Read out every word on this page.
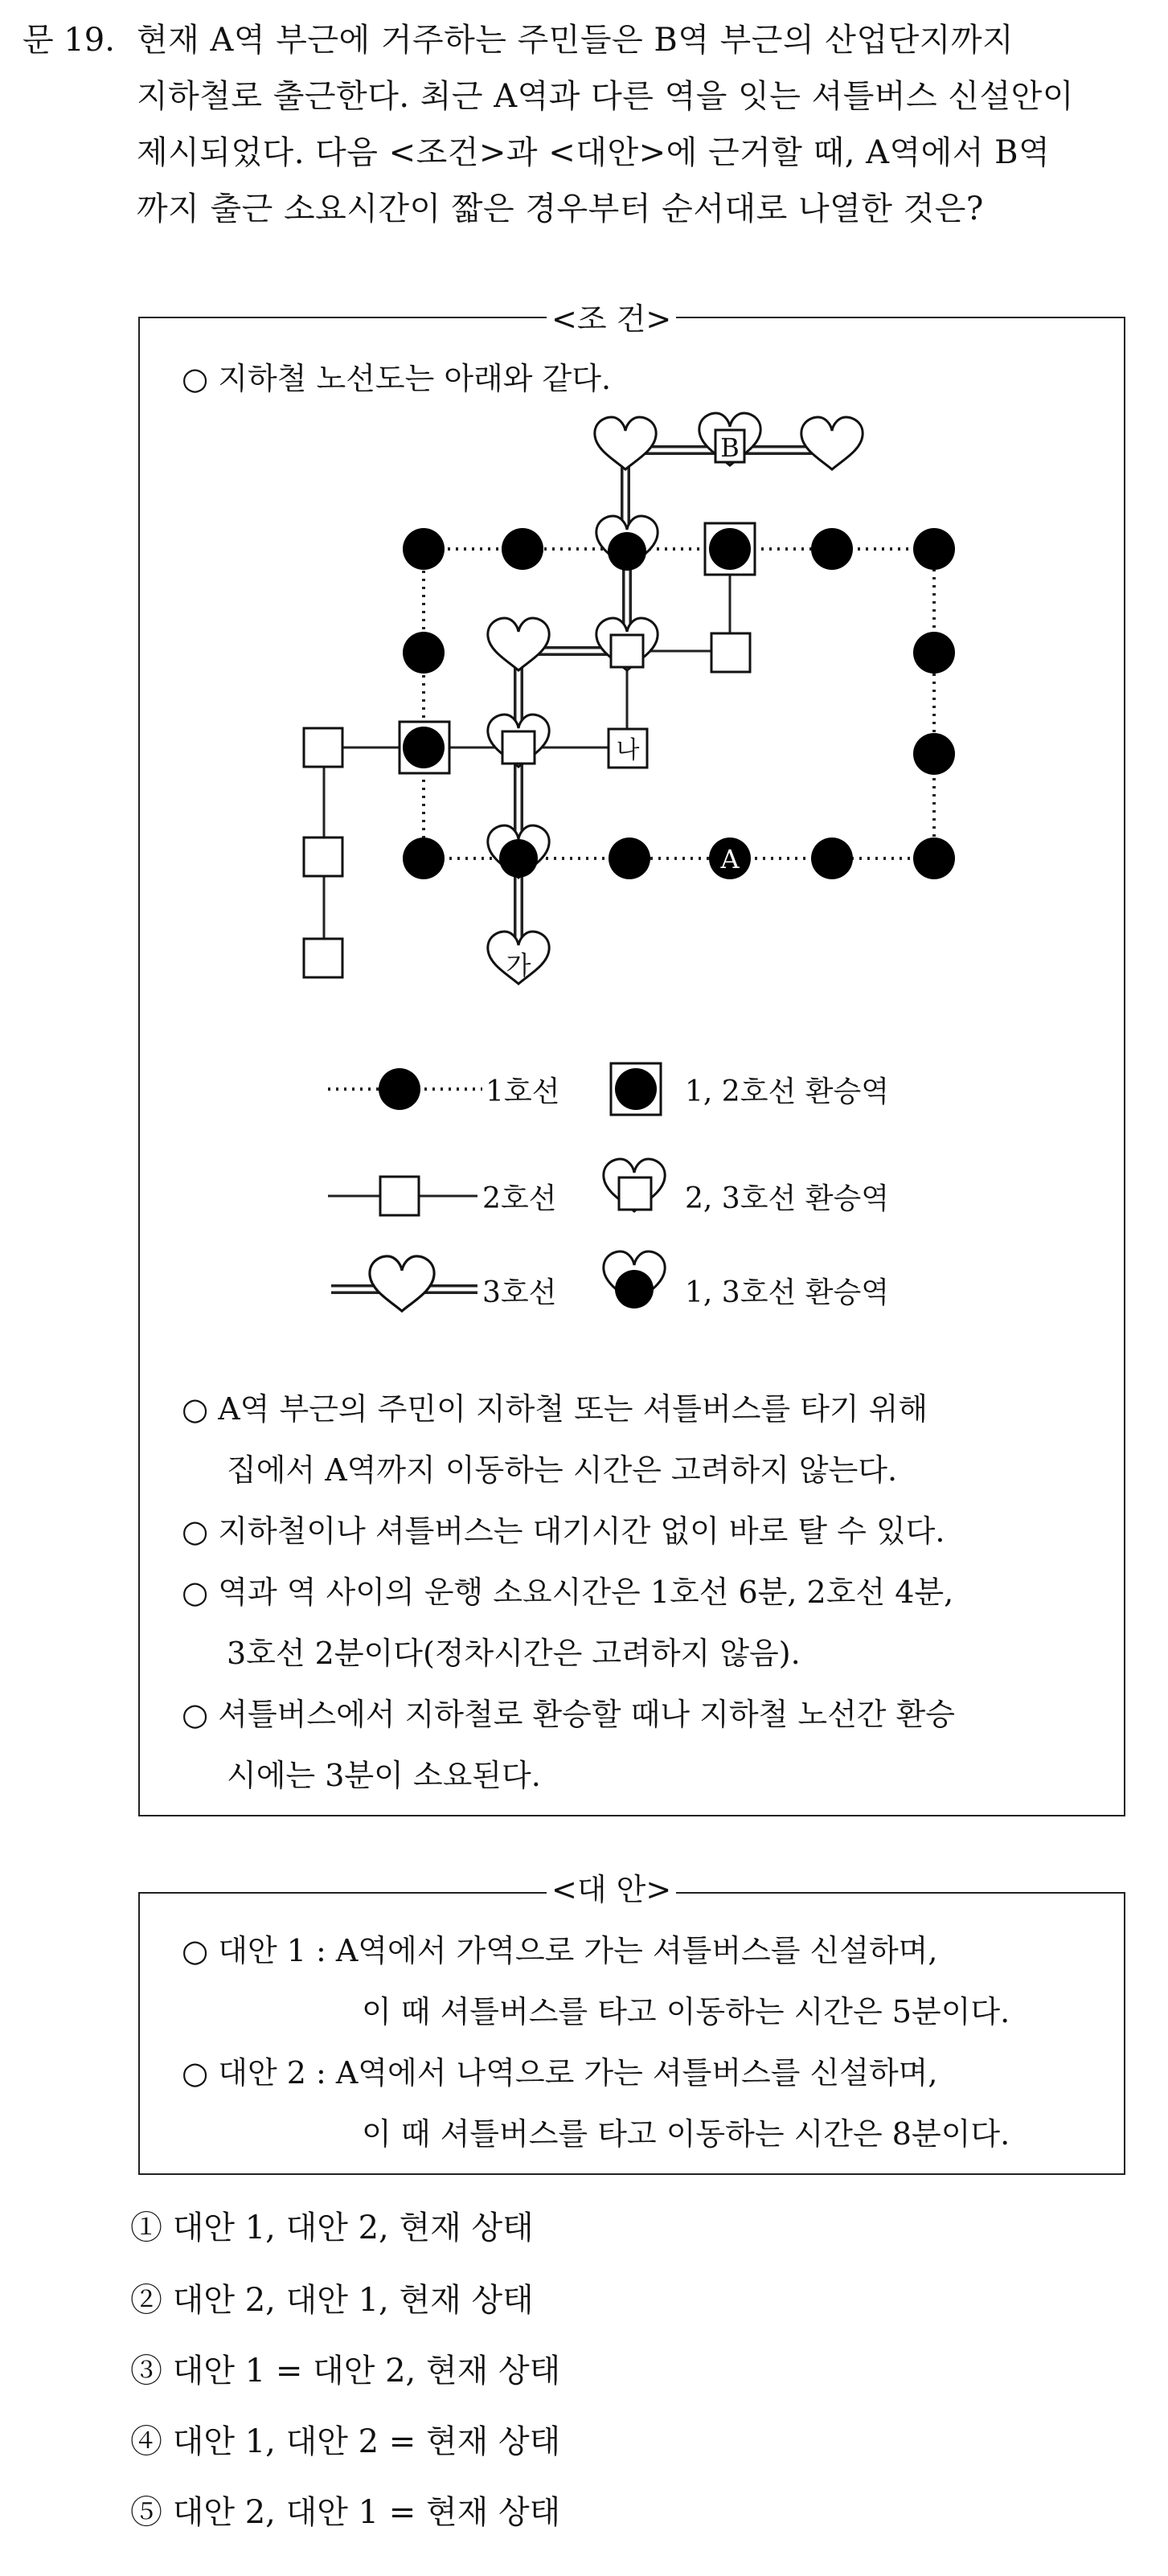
문 19. 현재 A역 부근에 거주하는 주민들은 B역 부근의 산업단지까지
지하철로 출근한다. 최근 A역과 다른 역을 잇는 셔틀버스 신설안이
제시되었다. 다음 <조건>과 <대안>에 근거할 때, A역에서 B역
까지 출근 소요시간이 짧은 경우부터 순서대로 나열한 것은?
<조 건>
○ 지하철 노선도는 아래와 같다.
B
A
가
나
1호선
2호선
3호선
1, 2호선 환승역
2, 3호선 환승역
1, 3호선 환승역
○ A역 부근의 주민이 지하철 또는 셔틀버스를 타기 위해
집에서 A역까지 이동하는 시간은 고려하지 않는다.
○ 지하철이나 셔틀버스는 대기시간 없이 바로 탈 수 있다.
○ 역과 역 사이의 운행 소요시간은 1호선 6분, 2호선 4분,
3호선 2분이다(정차시간은 고려하지 않음).
○ 셔틀버스에서 지하철로 환승할 때나 지하철 노선간 환승
시에는 3분이 소요된다.
<대 안>
○ 대안 1 : A역에서 가역으로 가는 셔틀버스를 신설하며,
이 때 셔틀버스를 타고 이동하는 시간은 5분이다.
○ 대안 2 : A역에서 나역으로 가는 셔틀버스를 신설하며,
이 때 셔틀버스를 타고 이동하는 시간은 8분이다.
① 대안 1, 대안 2, 현재 상태
② 대안 2, 대안 1, 현재 상태
③ 대안 1 = 대안 2, 현재 상태
④ 대안 1, 대안 2 = 현재 상태
⑤ 대안 2, 대안 1 = 현재 상태
